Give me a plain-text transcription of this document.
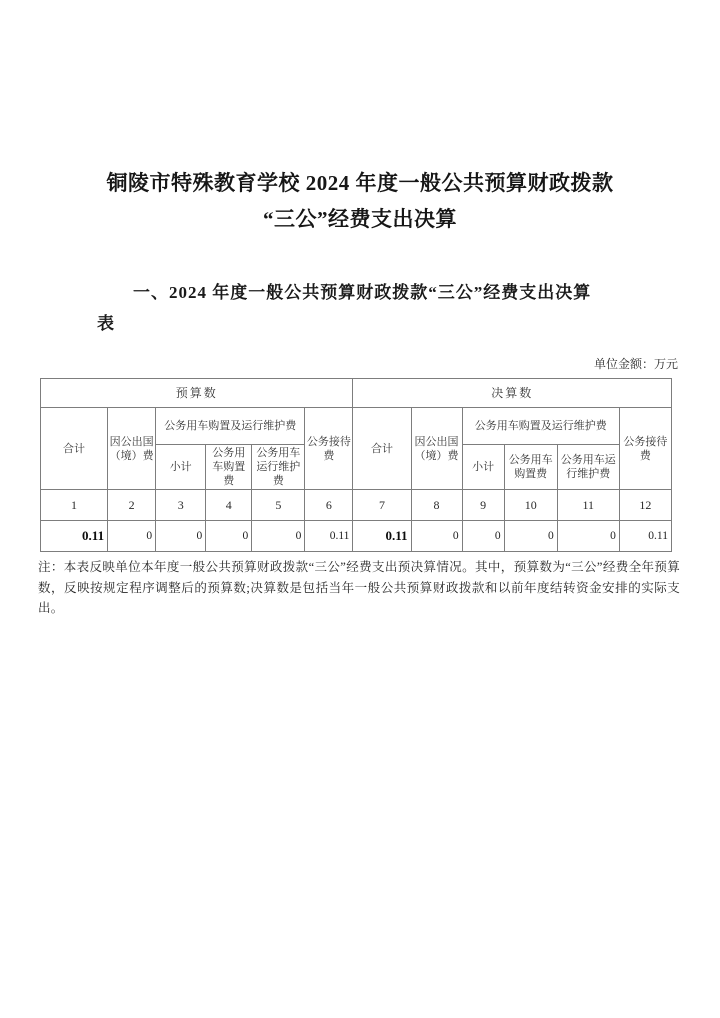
铜陵市特殊教育学校 2024 年度一般公共预算财政拨款
“三公”经费支出决算
一、2024 年度一般公共预算财政拨款“三公”经费支出决算
表
单位金额：万元
预算数						决算数					
合计	因公出国（境）费	公务用车购置及运行维护费			公务接待费	合计	因公出国（境）费	公务用车购置及运行维护费			公务接待费
		小计	公务用车购置费	公务用车运行维护费				小计	公务用车购置费	公务用车运行维护费	
1	2	3	4	5	6	7	8	9	10	11	12
0.11	0	0	0	0	0.11	0.11	0	0	0	0	0.11
注：本表反映单位本年度一般公共预算财政拨款“三公”经费支出预决算情况。其中，预算数为“三公”经费全年预算数，反映按规定程序调整后的预算数;决算数是包括当年一般公共预算财政拨款和以前年度结转资金安排的实际支出。
